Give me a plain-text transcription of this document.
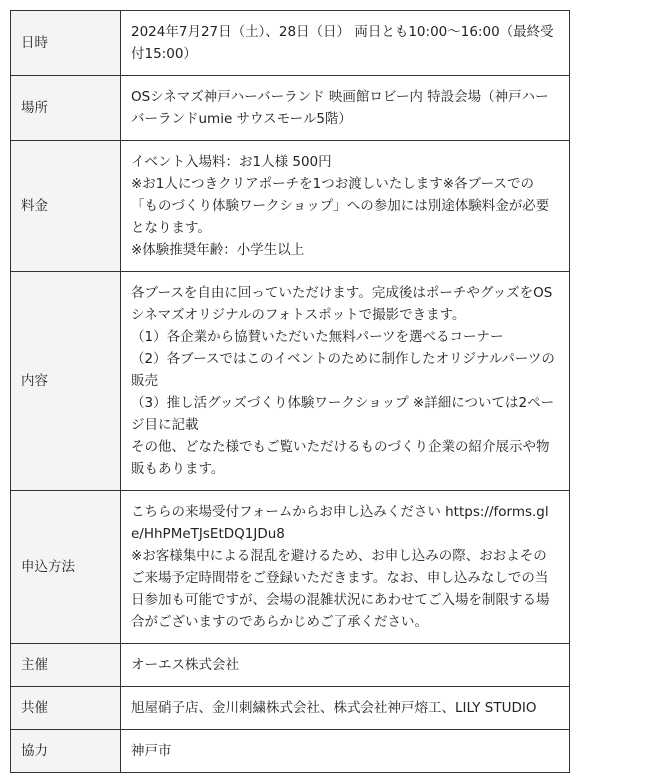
日時	2024年7月27日（土）、28日（日） 両日とも10:00〜16:00（最終受付15:00）

場所	OSシネマズ神戸ハーバーランド 映画館ロビー内 特設会場（神戸ハーバーランドumie サウスモール5階）

料金	イベント入場料：お1人様 500円
※お1人につきクリアポーチを1つお渡しいたします※各ブースでの「ものづくり体験ワークショップ」への参加には別途体験料金が必要となります。
※体験推奨年齢：小学生以上

内容	各ブースを自由に回っていただけます。完成後はポーチやグッズをOSシネマズオリジナルのフォトスポットで撮影できます。
（1）各企業から協賛いただいた無料パーツを選べるコーナー
（2）各ブースではこのイベントのために制作したオリジナルパーツの販売
（3）推し活グッズづくり体験ワークショップ ※詳細については2ページ目に記載
その他、どなた様でもご覧いただけるものづくり企業の紹介展示や物販もあります。

申込方法	こちらの来場受付フォームからお申し込みください https://forms.gle/HhPMeTJsEtDQ1JDu8
※お客様集中による混乱を避けるため、お申し込みの際、おおよそのご来場予定時間帯をご登録いただきます。なお、申し込みなしでの当日参加も可能ですが、会場の混雑状況にあわせてご入場を制限する場合がございますのであらかじめご了承ください。

主催	オーエス株式会社

共催	旭屋硝子店、金川刺繍株式会社、株式会社神戸熔工、LILY STUDIO

協力	神戸市
